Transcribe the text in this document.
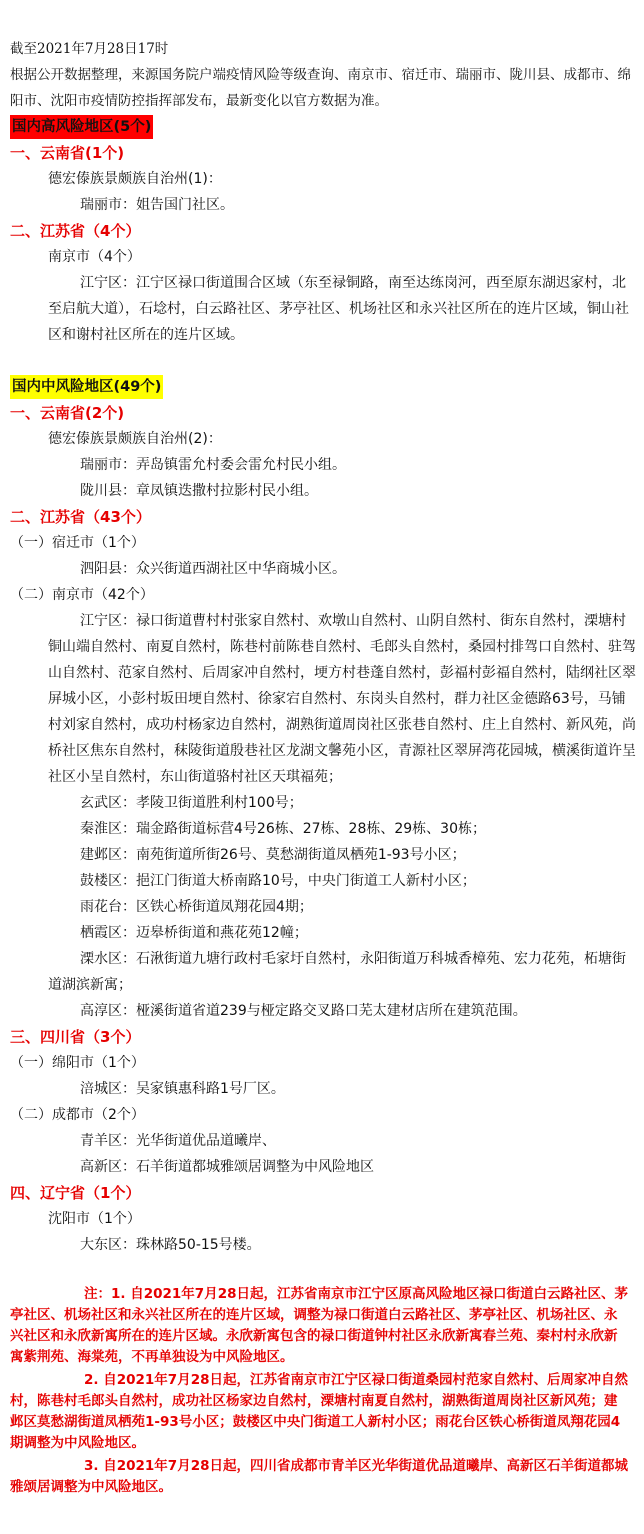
截至2021年7月28日17时
根据公开数据整理，来源国务院户端疫情风险等级查询、南京市、宿迁市、瑞丽市、陇川县、成都市、绵阳市、沈阳市疫情防控指挥部发布，最新变化以官方数据为准。
国内高风险地区(5个)
一、云南省(1个)
德宏傣族景颇族自治州(1)：
瑞丽市：姐告国门社区。
二、江苏省（4个）
南京市（4个）
江宁区：江宁区禄口街道围合区域（东至禄铜路，南至达练岗河，西至原东湖迟家村，北至启航大道），石埝村，白云路社区、茅亭社区、机场社区和永兴社区所在的连片区域，铜山社区和谢村社区所在的连片区域。
国内中风险地区(49个)
一、云南省(2个)
德宏傣族景颇族自治州(2)：
瑞丽市：弄岛镇雷允村委会雷允村民小组。
陇川县：章凤镇迭撒村拉影村民小组。
二、江苏省（43个）
（一）宿迁市（1个）
泗阳县：众兴街道西湖社区中华商城小区。
（二）南京市（42个）
江宁区：禄口街道曹村村张家自然村、欢墩山自然村、山阴自然村、街东自然村，溧塘村铜山端自然村、南夏自然村，陈巷村前陈巷自然村、毛郎头自然村，桑园村排驾口自然村、驻驾山自然村、范家自然村、后周家冲自然村，埂方村巷蓬自然村，彭福村彭福自然村，陆纲社区翠屏城小区，小彭村坂田埂自然村、徐家宕自然村、东岗头自然村，群力社区金德路63号，马铺村刘家自然村，成功村杨家边自然村，湖熟街道周岗社区张巷自然村、庄上自然村、新风苑，尚桥社区焦东自然村，秣陵街道殷巷社区龙湖文馨苑小区，青源社区翠屏湾花园城，横溪街道许呈社区小呈自然村，东山街道骆村社区天琪福苑；
玄武区：孝陵卫街道胜利村100号；
秦淮区：瑞金路街道标营4号26栋、27栋、28栋、29栋、30栋；
建邺区：南苑街道所街26号、莫愁湖街道凤栖苑1-93号小区；
鼓楼区：挹江门街道大桥南路10号，中央门街道工人新村小区；
雨花台：区铁心桥街道凤翔花园4期；
栖霞区：迈皋桥街道和燕花苑12幢；
溧水区：石湫街道九塘行政村毛家圩自然村，永阳街道万科城香樟苑、宏力花苑，柘塘街道湖滨新寓；
高淳区：桠溪街道省道239与桠定路交叉路口芜太建材店所在建筑范围。
三、四川省（3个）
（一）绵阳市（1个）
涪城区：吴家镇惠科路1号厂区。
（二）成都市（2个）
青羊区：光华街道优品道曦岸、
高新区：石羊街道都城雅颂居调整为中风险地区
四、辽宁省（1个）
沈阳市（1个）
大东区：珠林路50-15号楼。

注：1. 自2021年7月28日起，江苏省南京市江宁区原高风险地区禄口街道白云路社区、茅亭社区、机场社区和永兴社区所在的连片区域，调整为禄口街道白云路社区、茅亭社区、机场社区、永兴社区和永欣新寓所在的连片区域。永欣新寓包含的禄口街道钟村社区永欣新寓春兰苑、秦村村永欣新寓紫荆苑、海棠苑，不再单独设为中风险地区。

2. 自2021年7月28日起，江苏省南京市江宁区禄口街道桑园村范家自然村、后周家冲自然村，陈巷村毛郎头自然村，成功社区杨家边自然村，溧塘村南夏自然村，湖熟街道周岗社区新风苑；建邺区莫愁湖街道凤栖苑1-93号小区；鼓楼区中央门街道工人新村小区；雨花台区铁心桥街道凤翔花园4期调整为中风险地区。

3. 自2021年7月28日起，四川省成都市青羊区光华街道优品道曦岸、高新区石羊街道都城雅颂居调整为中风险地区。
